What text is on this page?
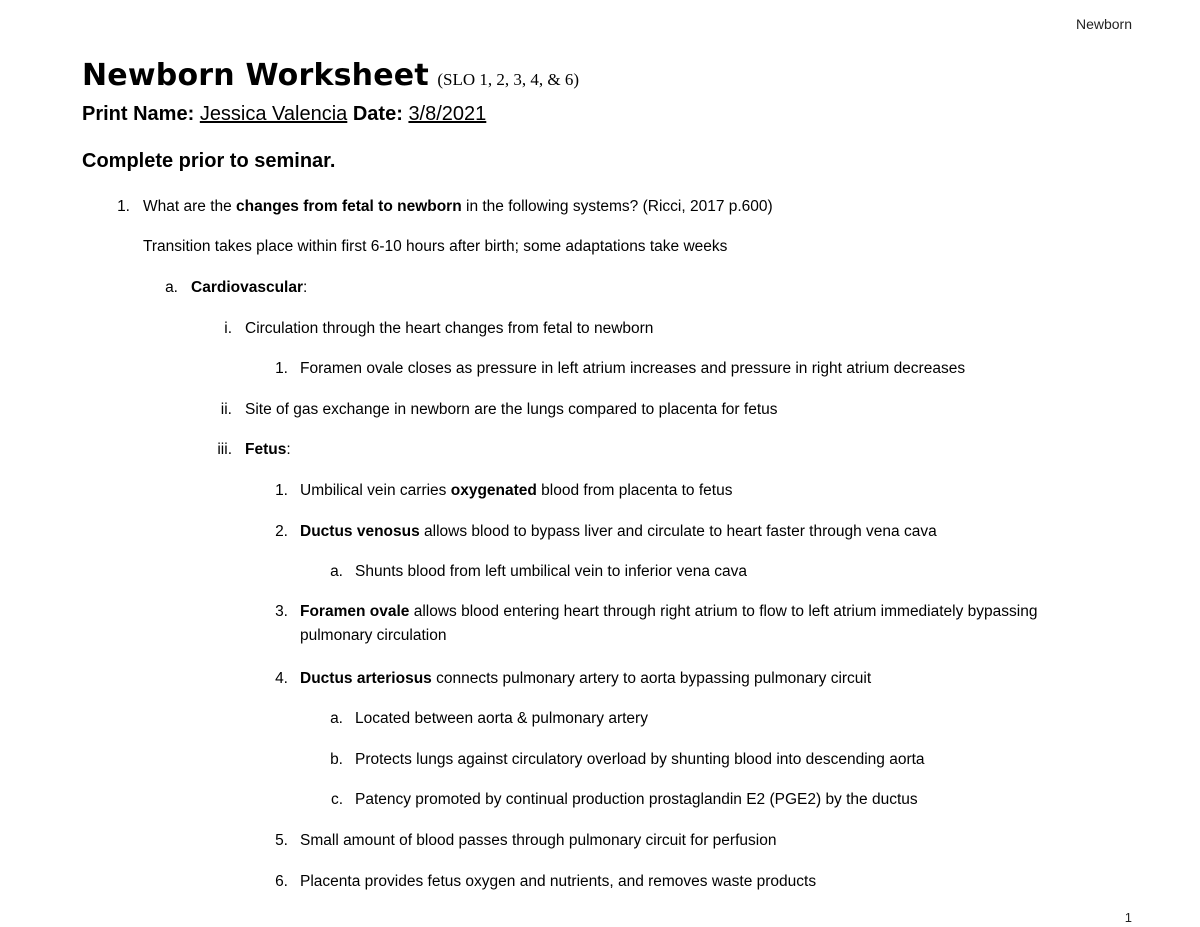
Newborn
Newborn Worksheet (SLO 1, 2, 3, 4, & 6)
Print Name: Jessica Valencia Date: 3/8/2021
Complete prior to seminar.
1. What are the changes from fetal to newborn in the following systems? (Ricci, 2017 p.600)
Transition takes place within first 6-10 hours after birth; some adaptations take weeks
a. Cardiovascular:
i. Circulation through the heart changes from fetal to newborn
1. Foramen ovale closes as pressure in left atrium increases and pressure in right atrium decreases
ii. Site of gas exchange in newborn are the lungs compared to placenta for fetus
iii. Fetus:
1. Umbilical vein carries oxygenated blood from placenta to fetus
2. Ductus venosus allows blood to bypass liver and circulate to heart faster through vena cava
a. Shunts blood from left umbilical vein to inferior vena cava
3. Foramen ovale allows blood entering heart through right atrium to flow to left atrium immediately bypassing pulmonary circulation
4. Ductus arteriosus connects pulmonary artery to aorta bypassing pulmonary circuit
a. Located between aorta & pulmonary artery
b. Protects lungs against circulatory overload by shunting blood into descending aorta
c. Patency promoted by continual production prostaglandin E2 (PGE2) by the ductus
5. Small amount of blood passes through pulmonary circuit for perfusion
6. Placenta provides fetus oxygen and nutrients, and removes waste products
1
